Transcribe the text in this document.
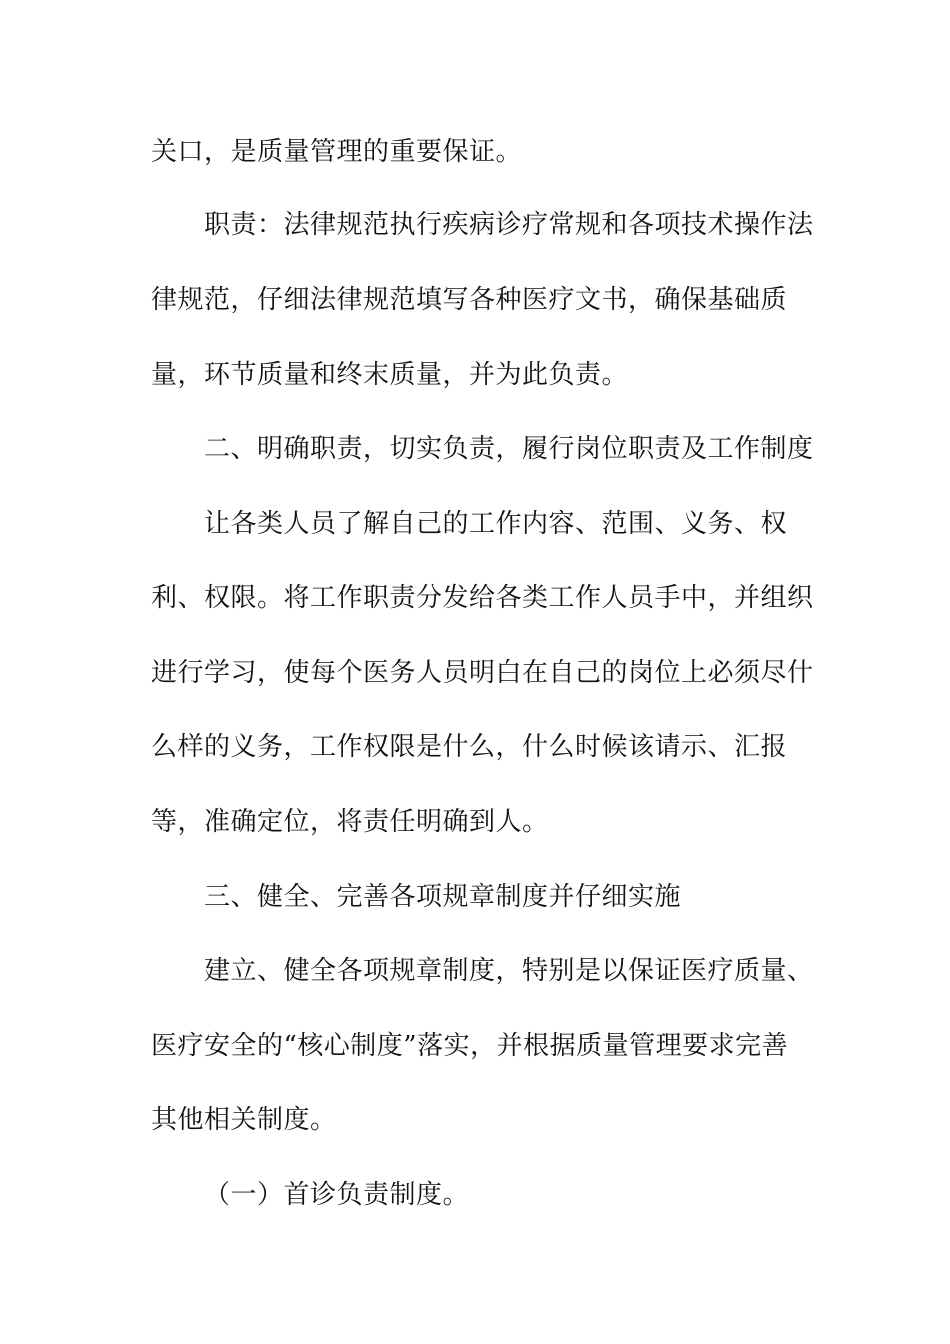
关口，是质量管理的重要保证。

职责：法律规范执行疾病诊疗常规和各项技术操作法

律规范，仔细法律规范填写各种医疗文书，确保基础质

量，环节质量和终末质量，并为此负责。

二、明确职责，切实负责，履行岗位职责及工作制度

让各类人员了解自己的工作内容、范围、义务、权

利、权限。将工作职责分发给各类工作人员手中，并组织

进行学习，使每个医务人员明白在自己的岗位上必须尽什

么样的义务，工作权限是什么，什么时候该请示、汇报

等，准确定位，将责任明确到人。

三、健全、完善各项规章制度并仔细实施

建立、健全各项规章制度，特别是以保证医疗质量、

医疗安全的“核心制度”落实，并根据质量管理要求完善

其他相关制度。

（一）首诊负责制度。
